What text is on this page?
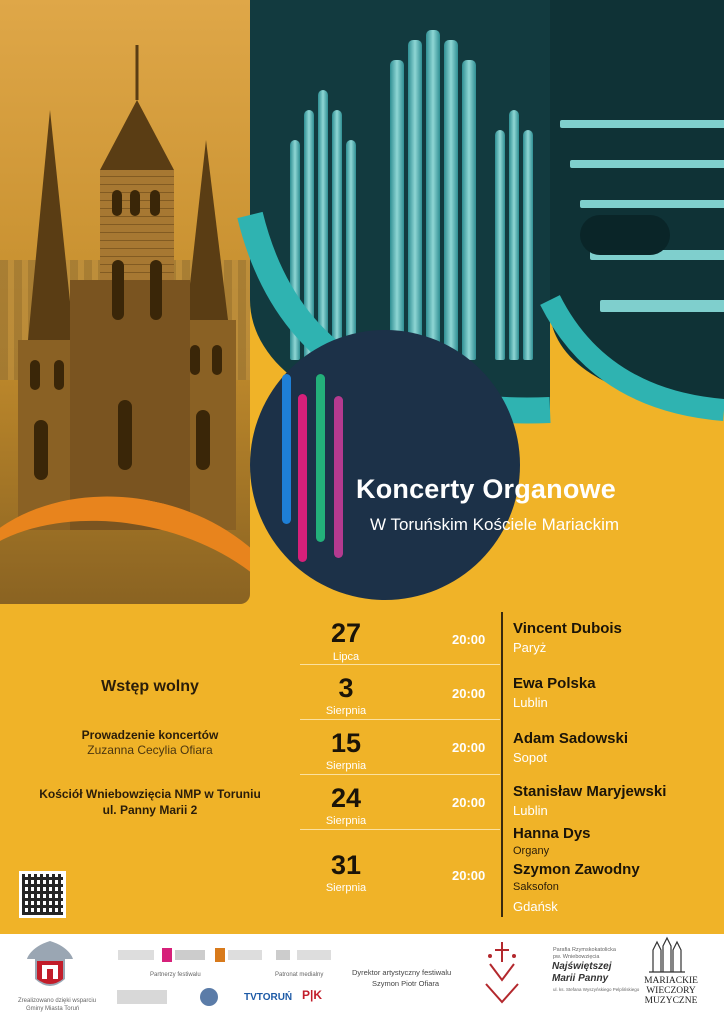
Koncerty Organowe
W Toruńskim Kościele Mariackim
Wstęp wolny
Prowadzenie koncertów
Zuzanna Cecylia Ofiara
Kościół Wniebowzięcia NMP w Toruniu
ul. Panny Marii 2
27
Lipca
20:00
Vincent Dubois
Paryż
3
Sierpnia
20:00
Ewa Polska
Lublin
15
Sierpnia
20:00
Adam Sadowski
Sopot
24
Sierpnia
20:00
Stanisław Maryjewski
Lublin
31
Sierpnia
20:00
Hanna Dys
Organy
Szymon Zawodny
Saksofon
Gdańsk
Zrealizowano dzięki wsparciu
Gminy Miasta Toruń
Partnerzy festiwalu	Patronat medialny
TVTORUŃ P|K
Dyrektor artystyczny festiwalu
Szymon Piotr Ofiara
Parafia Rzymskokatolicka
pw. Wniebowzięcia
Najświętszej
Marii Panny
ul. ks. Stefana Wyszyńskiego Pelplińskiego
MARIACKIE
WIECZORY
MUZYCZNE
